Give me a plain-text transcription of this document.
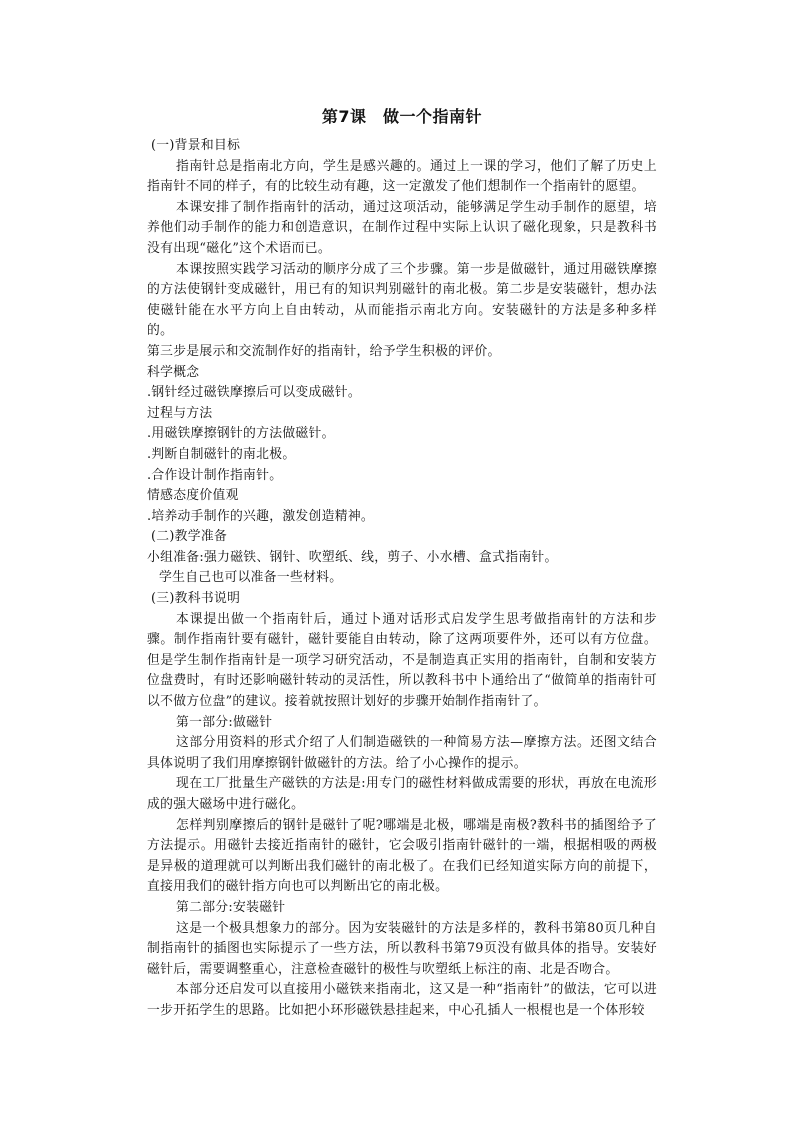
第7课　做一个指南针

(一)背景和目标

指南针总是指南北方向，学生是感兴趣的。通过上一课的学习，他们了解了历史上指南针不同的样子，有的比较生动有趣，这一定激发了他们想制作一个指南针的愿望。

本课安排了制作指南针的活动，通过这项活动，能够满足学生动手制作的愿望，培养他们动手制作的能力和创造意识，在制作过程中实际上认识了磁化现象，只是教科书没有出现“磁化”这个术语而已。

本课按照实践学习活动的顺序分成了三个步骤。第一步是做磁针，通过用磁铁摩擦的方法使钢针变成磁针，用已有的知识判别磁针的南北极。第二步是安装磁针，想办法使磁针能在水平方向上自由转动，从而能指示南北方向。安装磁针的方法是多种多样的。

第三步是展示和交流制作好的指南针，给予学生积极的评价。

科学概念

.钢针经过磁铁摩擦后可以变成磁针。

过程与方法

.用磁铁摩擦钢针的方法做磁针。

.判断自制磁针的南北极。

.合作设计制作指南针。

情感态度价值观

.培养动手制作的兴趣，激发创造精神。

(二)教学准备

小组准备:强力磁铁、钢针、吹塑纸、线，剪子、小水槽、盒式指南针。

学生自己也可以准备一些材料。

(三)教科书说明

本课提出做一个指南针后，通过卜通对话形式启发学生思考做指南针的方法和步骤。制作指南针要有磁针，磁针要能自由转动，除了这两项要件外，还可以有方位盘。但是学生制作指南针是一项学习研究活动，不是制造真正实用的指南针，自制和安装方位盘费时，有时还影响磁针转动的灵活性，所以教科书中卜通给出了“做简单的指南针可以不做方位盘”的建议。接着就按照计划好的步骤开始制作指南针了。

第一部分:做磁针

这部分用资料的形式介绍了人们制造磁铁的一种简易方法—摩擦方法。还图文结合具体说明了我们用摩擦钢针做磁针的方法。给了小心操作的提示。

现在工厂批量生产磁铁的方法是:用专门的磁性材料做成需要的形状，再放在电流形成的强大磁场中进行磁化。

怎样判别摩擦后的钢针是磁针了呢?哪端是北极，哪端是南极?教科书的插图给予了方法提示。用磁针去接近指南针的磁针，它会吸引指南针磁针的一端，根据相吸的两极是异极的道理就可以判断出我们磁针的南北极了。在我们已经知道实际方向的前提下，直接用我们的磁针指方向也可以判断出它的南北极。

第二部分:安装磁针

这是一个极具想象力的部分。因为安装磁针的方法是多样的，教科书第80页几种自制指南针的插图也实际提示了一些方法，所以教科书第79页没有做具体的指导。安装好磁针后，需要调整重心，注意检查磁针的极性与吹塑纸上标注的南、北是否吻合。

本部分还启发可以直接用小磁铁来指南北，这又是一种“指南针”的做法，它可以进一步开拓学生的思路。比如把小环形磁铁悬挂起来，中心孔插人一根棍也是一个体形较
